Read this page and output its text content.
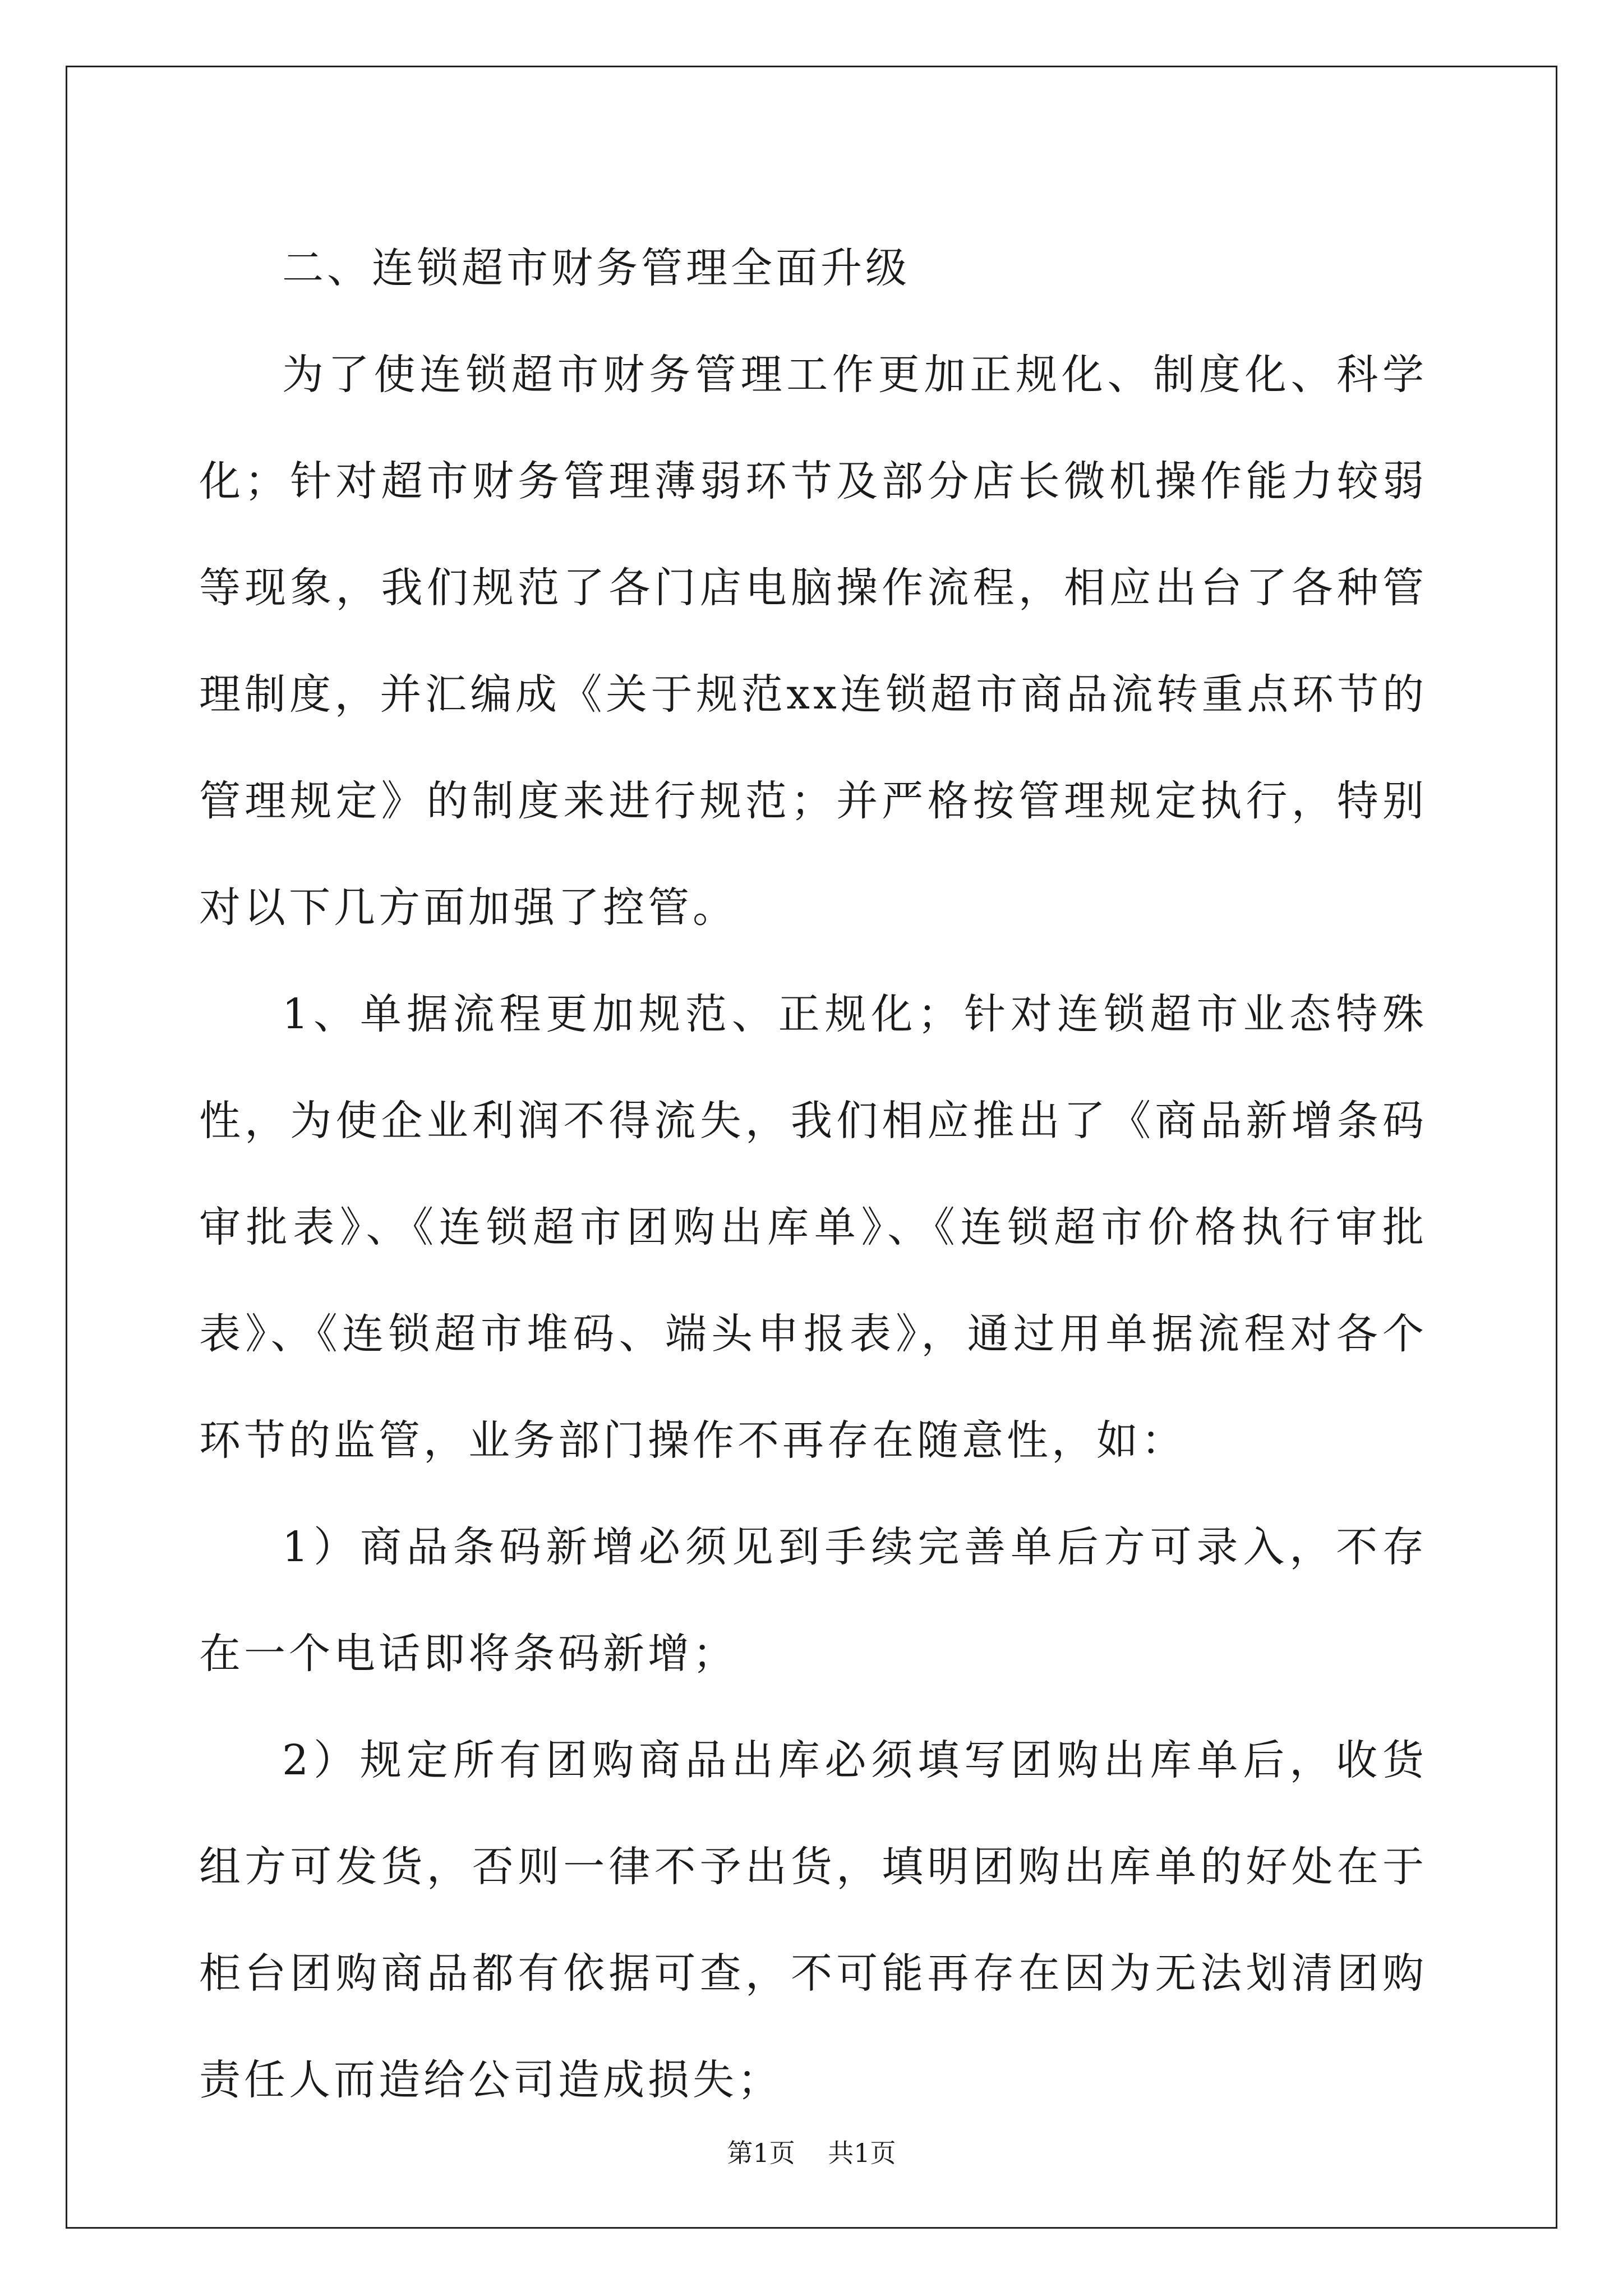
二、连锁超市财务管理全面升级

为了使连锁超市财务管理工作更加正规化、制度化、科学化；针对超市财务管理薄弱环节及部分店长微机操作能力较弱等现象，我们规范了各门店电脑操作流程，相应出台了各种管理制度，并汇编成《关于规范xx连锁超市商品流转重点环节的管理规定》的制度来进行规范；并严格按管理规定执行，特别对以下几方面加强了控管。

1、单据流程更加规范、正规化；针对连锁超市业态特殊性，为使企业利润不得流失，我们相应推出了《商品新增条码审批表》、《连锁超市团购出库单》、《连锁超市价格执行审批表》、《连锁超市堆码、端头申报表》，通过用单据流程对各个环节的监管，业务部门操作不再存在随意性，如：

1）商品条码新增必须见到手续完善单后方可录入，不存在一个电话即将条码新增；

2）规定所有团购商品出库必须填写团购出库单后，收货组方可发货，否则一律不予出货，填明团购出库单的好处在于柜台团购商品都有依据可查，不可能再存在因为无法划清团购责任人而造给公司造成损失；

第1页 共1页
